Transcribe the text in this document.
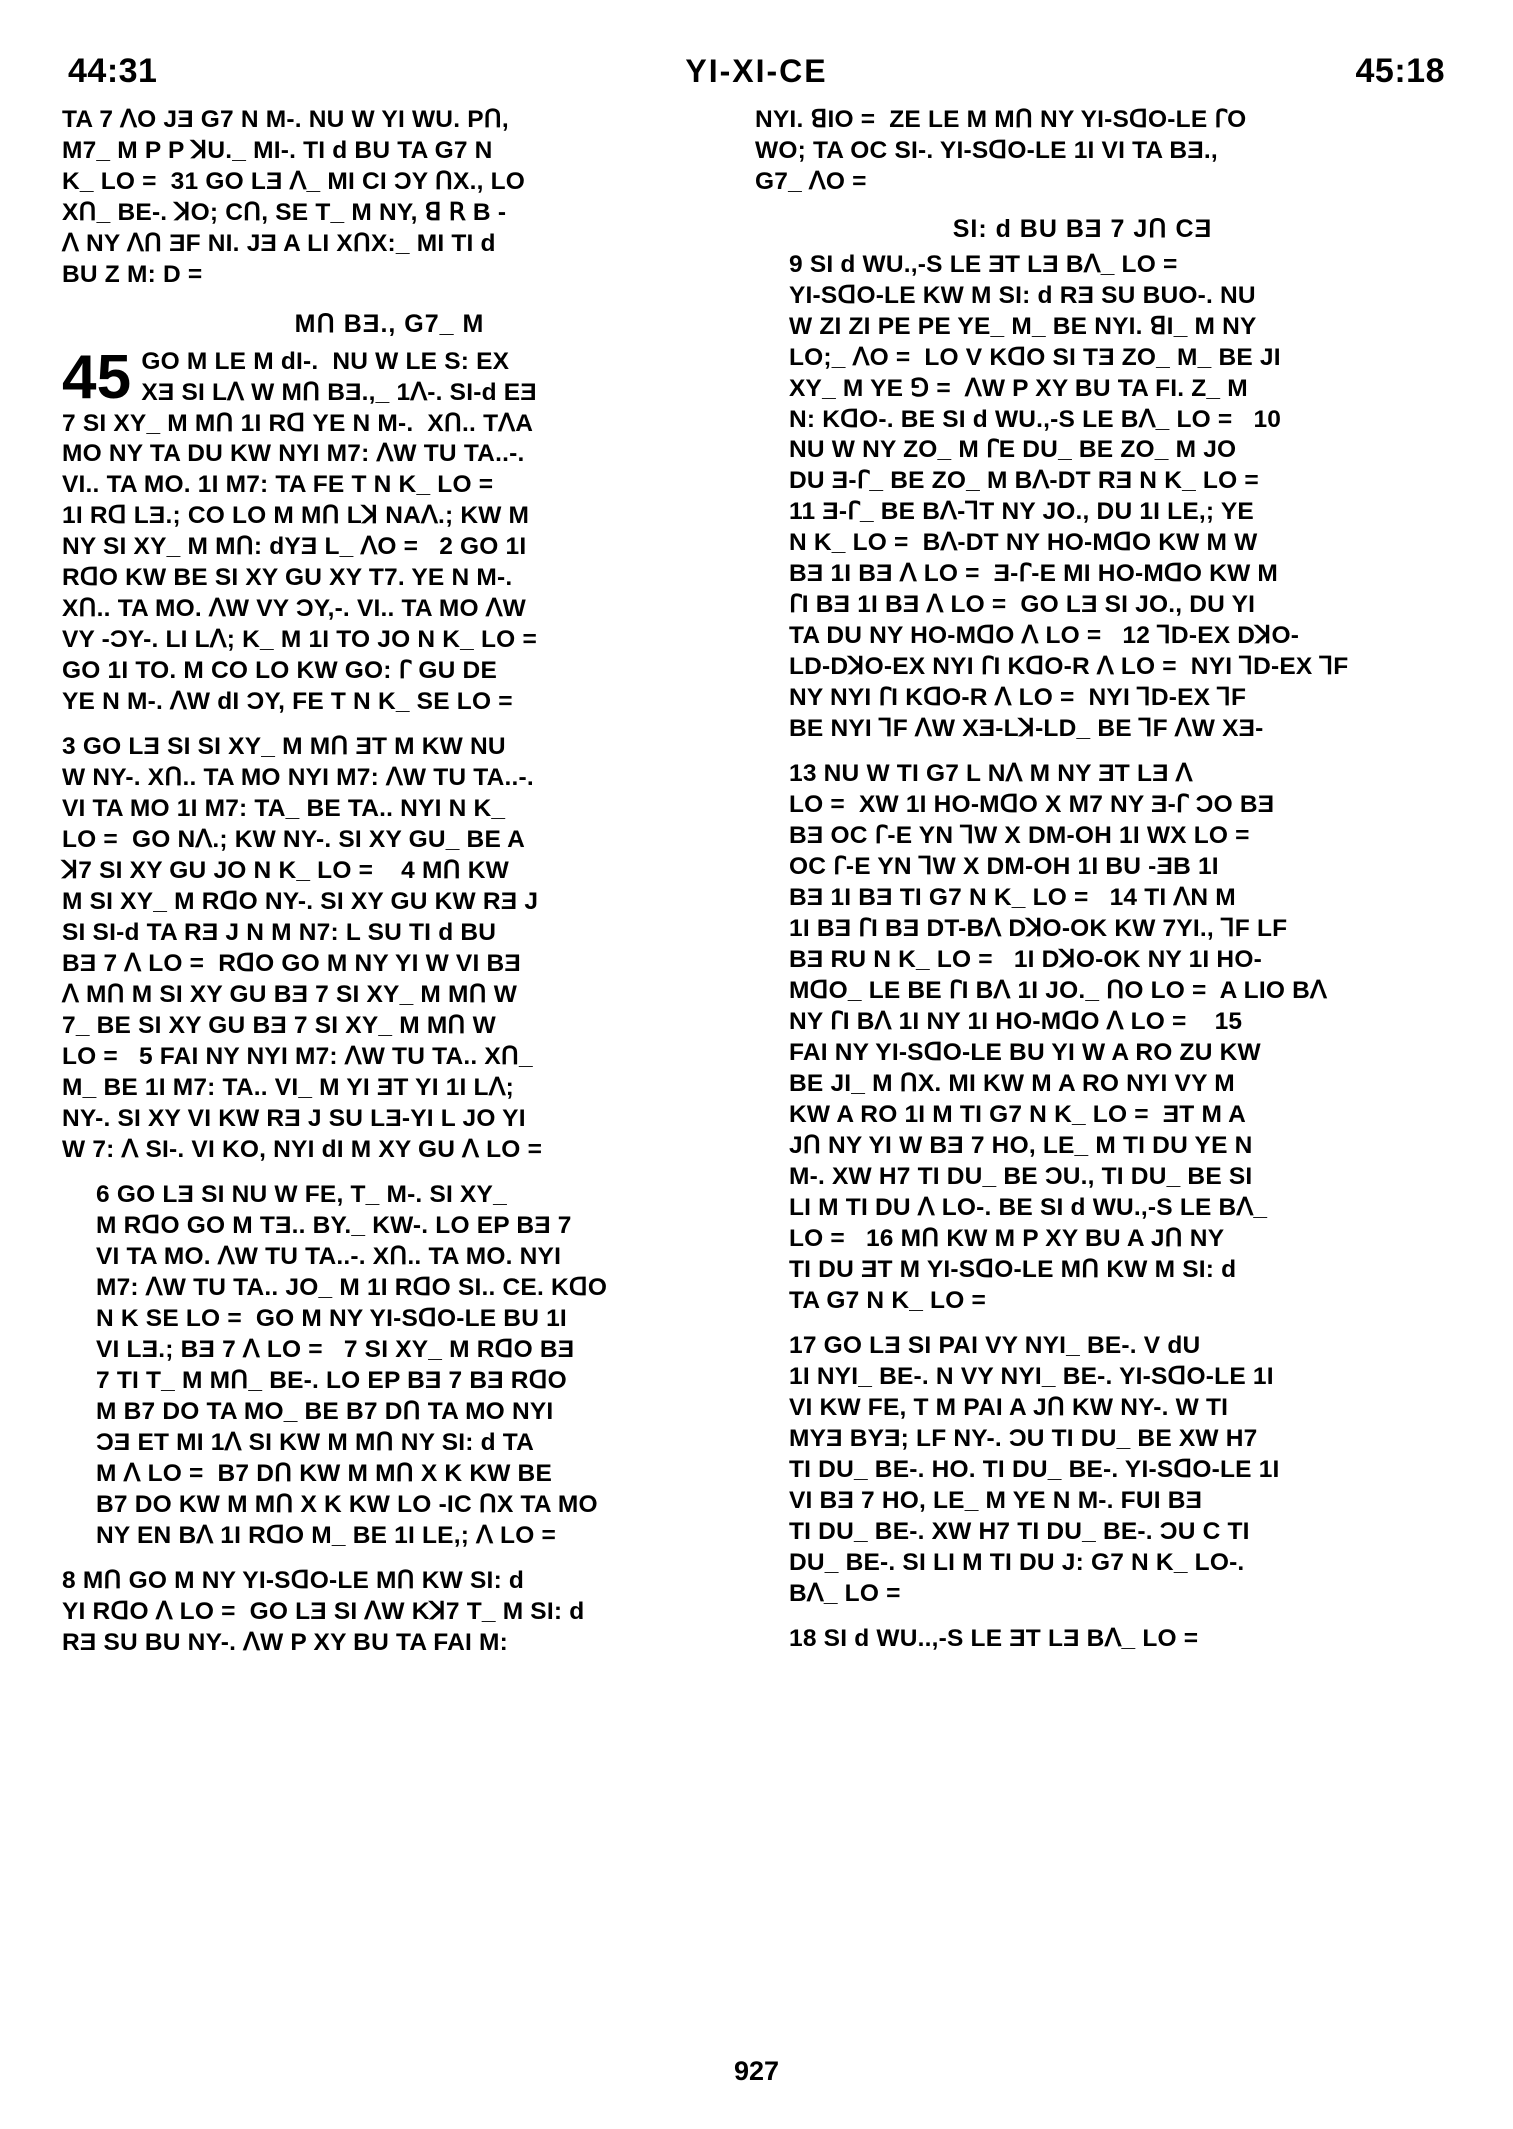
44:31	YI-XI-CE	45:18

TA 7 ꓥO JƎ G7 N M-. NU W YI WU. PՈ,
M7_ M P P ꓘU._ MI-. TI d BU TA G7 N
K_ LO =  31 GO LƎ ꓥ_ MI CI ƆY ՈX., LO
XՈ_ BE-. ꓘO; CՈ, SE T_ M NY, ꓭ ꓣ B -
ꓥ NY ꓥՈ ƎF NI. JƎ A LI XՈX:_ MI TI d
BU Z M: D =

MՈ BƎ., G7_ M
45 GO M LE M dI-.  NU W LE S: EX
XƎ SI Lꓥ W MՈ BƎ.,_ 1ꓥ-. SI-d EƎ
7 SI XY_ M MՈ 1I Rꓷ YE N M-.  XՈ.. TꓥA

MO NY TA DU KW NYI M7: ꓥW TU TA..-.
VI.. TA MO. 1I M7: TA FE T N K_ LO =
1I Rꓷ LƎ.; CO LO M MՈ Lꓘ NAꓥ.; KW M
NY SI XY_ M MՈ: dYƎ L_ ꓥO =   2 GO 1I
RꓷO KW BE SI XY GU XY T7. YE N M-.
XՈ.. TA MO. ꓥW VY ƆY,-. VI.. TA MO ꓥW
VY -ƆY-. LI Lꓥ; K_ M 1I TO JO N K_ LO =
GO 1I TO. M CO LO KW GO: ꓩ GU DE
YE N M-. ꓥW dI ƆY, FE T N K_ SE LO =

3 GO LƎ SI SI XY_ M MՈ ƎT M KW NU
W NY-. XՈ.. TA MO NYI M7: ꓥW TU TA..-.
VI TA MO 1I M7: TA_ BE TA.. NYI N K_
LO =  GO Nꓥ.; KW NY-. SI XY GU_ BE A
ꓘ7 SI XY GU JO N K_ LO =    4 MՈ KW
M SI XY_ M RꓷO NY-. SI XY GU KW RƎ J
SI SI-d TA RƎ J N M N7: L SU TI d BU
BƎ 7 ꓥ LO =  RꓷO GO M NY YI W VI BƎ
ꓥ MՈ M SI XY GU BƎ 7 SI XY_ M MՈ W
7_ BE SI XY GU BƎ 7 SI XY_ M MՈ W
LO =   5 FAI NY NYI M7: ꓥW TU TA.. XՈ_
M_ BE 1I M7: TA.. VI_ M YI ƎT YI 1I Lꓥ;
NY-. SI XY VI KW RƎ J SU LƎ-YI L JO YI
W 7: ꓥ SI-. VI KO, NYI dI M XY GU ꓥ LO =

6 GO LƎ SI NU W FE, T_ M-. SI XY_
M RꓷO GO M TƎ.. BY._ KW-. LO EP BƎ 7
VI TA MO. ꓥW TU TA..-. XՈ.. TA MO. NYI
M7: ꓥW TU TA.. JO_ M 1I RꓷO SI.. CE. KꓷO
N K SE LO =  GO M NY YI-SꓷO-LE BU 1I
VI LƎ.; BƎ 7 ꓥ LO =   7 SI XY_ M RꓷO BƎ
7 TI T_ M MՈ_ BE-. LO EP BƎ 7 BƎ RꓷO
M B7 DO TA MO_ BE B7 DՈ TA MO NYI
ƆƎ ET MI 1ꓥ SI KW M MՈ NY SI: d TA
M ꓥ LO =  B7 DՈ KW M MՈ X K KW BE
B7 DO KW M MՈ X K KW LO -IC ՈX TA MO
NY EN Bꓥ 1I RꓷO M_ BE 1I LE,; ꓥ LO =

8 MՈ GO M NY YI-SꓷO-LE MՈ KW SI: d
YI RꓷO ꓥ LO =  GO LƎ SI ꓥW Kꓘ7 T_ M SI: d
RƎ SU BU NY-. ꓥW P XY BU TA FAI M:

NYI. ꓭIO =  ZE LE M MՈ NY YI-SꓷO-LE ꓩO
WO; TA OC SI-. YI-SꓷO-LE 1I VI TA BƎ.,
G7_ ꓥO =

SI: d BU BƎ 7 JՈ CƎ

9 SI d WU.,-S LE ƎT LƎ Bꓥ_ LO =
YI-SꓷO-LE KW M SI: d RƎ SU BUO-. NU
W ZI ZI PE PE YE_ M_ BE NYI. ꓭI_ M NY
LO;_ ꓥO =  LO V KꓷO SI TƎ ZO_ M_ BE JI
XY_ M YE ꓨ =  ꓥW P XY BU TA FI. Z_ M
N: KꓷO-. BE SI d WU.,-S LE Bꓥ_ LO =   10
NU W NY ZO_ M ꓩE DU_ BE ZO_ M JO
DU Ǝ-ꓩ_ BE ZO_ M Bꓥ-DT RƎ N K_ LO =
11 Ǝ-ꓩ_ BE Bꓥ-ꓶT NY JO., DU 1I LE,; YE
N K_ LO =  Bꓥ-DT NY HO-MꓷO KW M W
BƎ 1I BƎ ꓥ LO =  Ǝ-ꓩ-E MI HO-MꓷO KW M
ꓩI BƎ 1I BƎ ꓥ LO =  GO LƎ SI JO., DU YI
TA DU NY HO-MꓷO ꓥ LO =   12 ꓶD-EX DꓘO-
LD-DꓘO-EX NYI ꓩI KꓷO-R ꓥ LO =  NYI ꓶD-EX ꓶF
NY NYI ꓩI KꓷO-R ꓥ LO =  NYI ꓶD-EX ꓶF
BE NYI ꓶF ꓥW XƎ-Lꓘ-LD_ BE ꓶF ꓥW XƎ-

13 NU W TI G7 L Nꓥ M NY ƎT LƎ ꓥ
LO =  XW 1I HO-MꓷO X M7 NY Ǝ-ꓩ ƆO BƎ
BƎ OC ꓩ-E YN ꓶW X DM-OH 1I WX LO =
OC ꓩ-E YN ꓶW X DM-OH 1I BU -ƎB 1I
BƎ 1I BƎ TI G7 N K_ LO =   14 TI ꓥN M
1I BƎ ꓩI BƎ DT-Bꓥ DꓘO-OK KW 7YI., ꓶF LF
BƎ RU N K_ LO =   1I DꓘO-OK NY 1I HO-
MꓷO_ LE BE ꓩI Bꓥ 1I JO._ ՈO LO =  A LIO Bꓥ
NY ꓩI Bꓥ 1I NY 1I HO-MꓷO ꓥ LO =    15
FAI NY YI-SꓷO-LE BU YI W A RO ZU KW
BE JI_ M ՈX. MI KW M A RO NYI VY M
KW A RO 1I M TI G7 N K_ LO =  ƎT M A
JՈ NY YI W BƎ 7 HO, LE_ M TI DU YE N
M-. XW H7 TI DU_ BE ƆU., TI DU_ BE SI
LI M TI DU ꓥ LO-. BE SI d WU.,-S LE Bꓥ_
LO =   16 MՈ KW M P XY BU A JՈ NY
TI DU ƎT M YI-SꓷO-LE MՈ KW M SI: d
TA G7 N K_ LO =

17 GO LƎ SI PAI VY NYI_ BE-. V dU
1I NYI_ BE-. N VY NYI_ BE-. YI-SꓷO-LE 1I
VI KW FE, T M PAI A JՈ KW NY-. W TI
MYƎ BYƎ; LF NY-. ƆU TI DU_ BE XW H7
TI DU_ BE-. HO. TI DU_ BE-. YI-SꓷO-LE 1I
VI BƎ 7 HO, LE_ M YE N M-. FUI BƎ
TI DU_ BE-. XW H7 TI DU_ BE-. ƆU C TI
DU_ BE-. SI LI M TI DU J: G7 N K_ LO-.
Bꓥ_ LO =

18 SI d WU..,-S LE ƎT LƎ Bꓥ_ LO =

927
